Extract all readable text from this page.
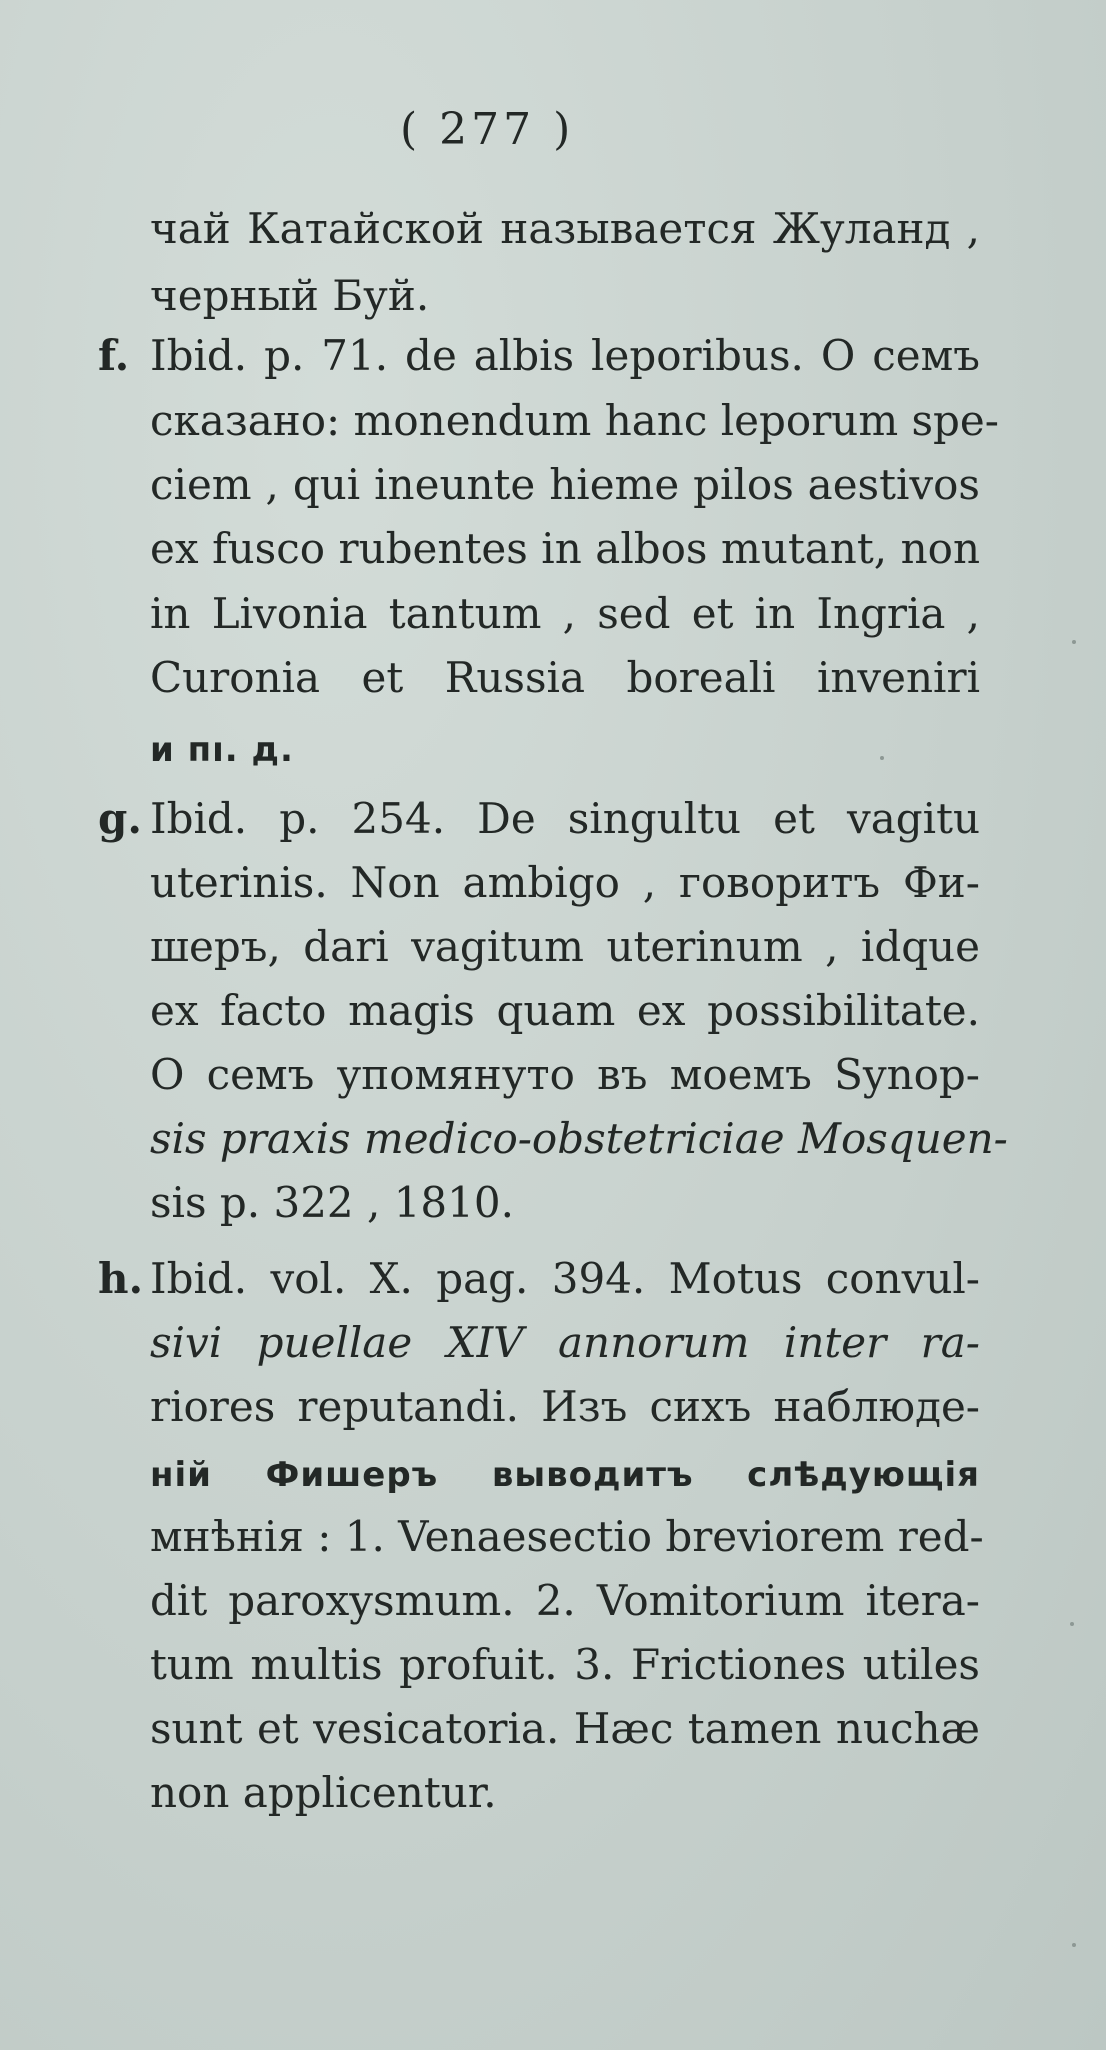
( 277 )
чай Катайской называется Жуланд ,
черный Буй.
f. Ibid. p. 71. de albis leporibus. О семъ
сказано: monendum hanc leporum spe-
ciem , qui ineunte hieme pilos aestivos
ex fusco rubentes in albos mutant, non
in Livonia tantum , sed et in Ingria ,
Curonia et Russia boreali inveniri
и пı. д.
g. Ibid. p. 254. De singultu et vagitu
uterinis. Non ambigo , говоритъ Фи-
шеръ, dari vagitum uterinum , idque
ex facto magis quam ex possibilitate.
О семъ упомянуто въ моемъ Synop-
sis praxis medico-obstetriciae Mosquen-
sis p. 322 , 1810.
h. Ibid. vol. X. pag. 394. Motus convul-
sivi puellae XIV annorum inter ra-
riores reputandi. Изъ сихъ наблюде-
ній Фишеръ выводитъ слѣдующія
мнѣнія : 1. Venaesectio breviorem red-
dit paroxysmum. 2. Vomitorium itera-
tum multis profuit. 3. Frictiones utiles
sunt et vesicatoria. Hæc tamen nuchæ
non applicentur.
